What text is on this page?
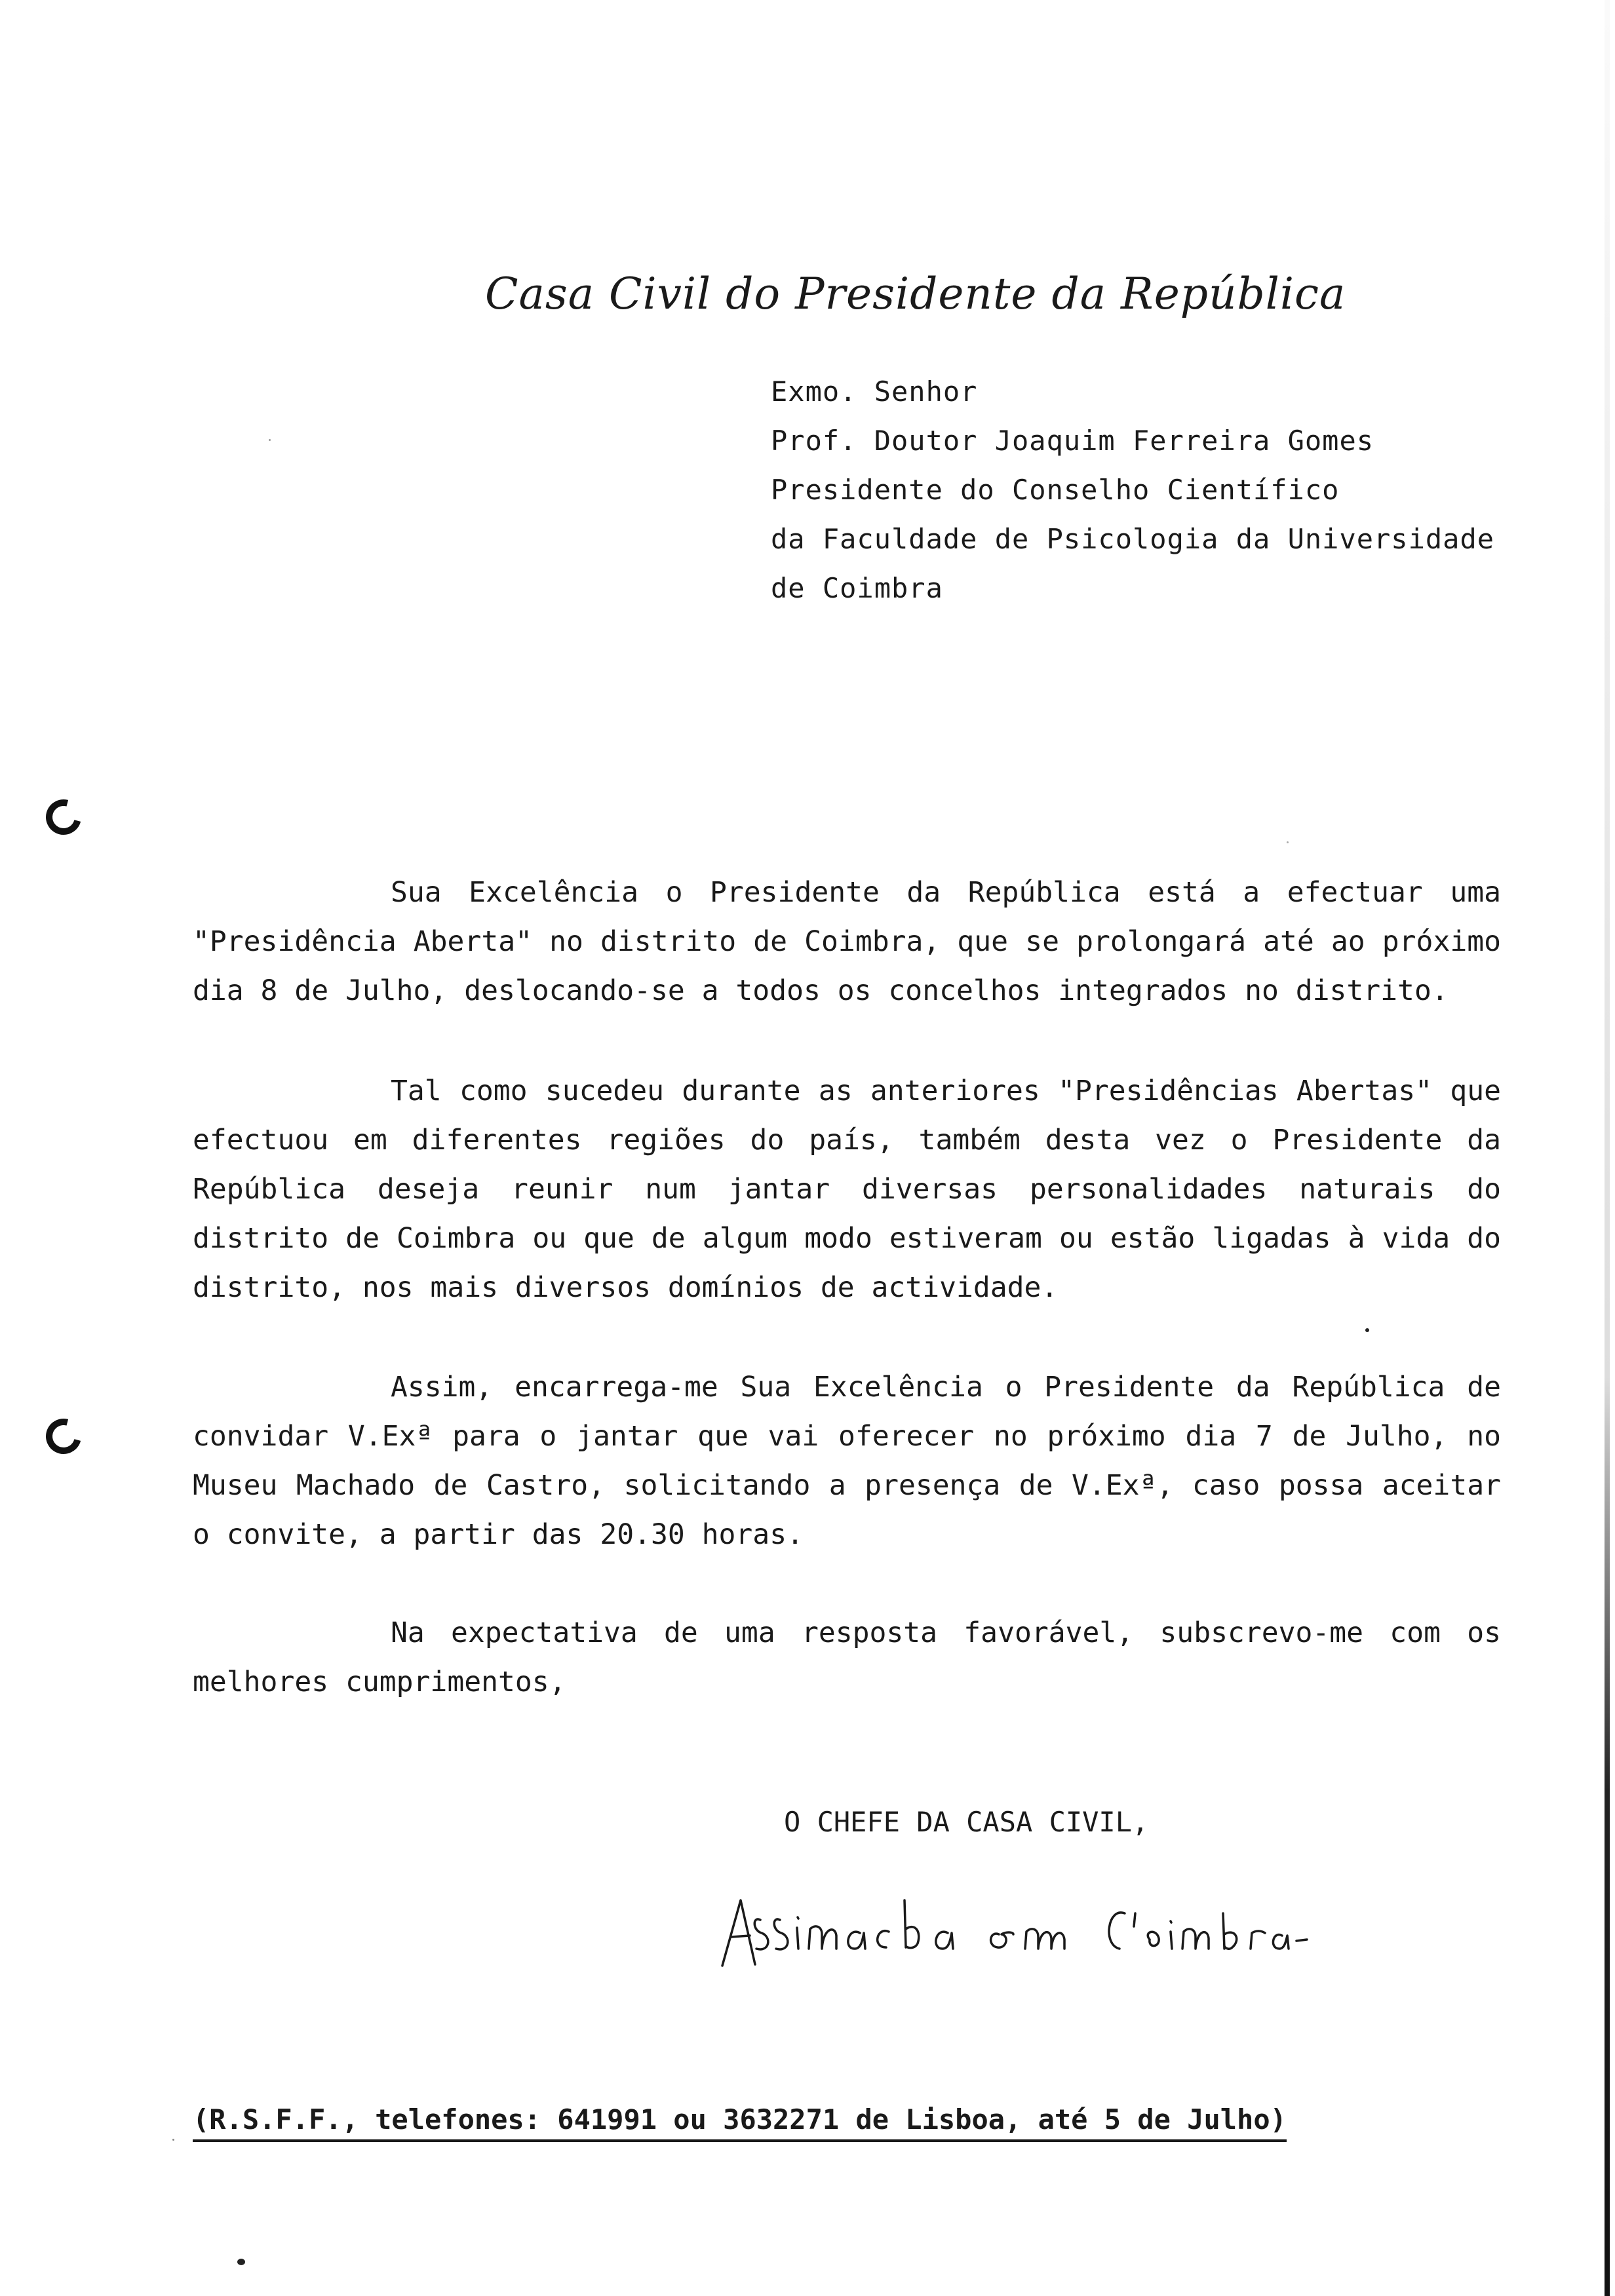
Casa Civil do Presidente da República
Exmo. Senhor
Prof. Doutor Joaquim Ferreira Gomes
Presidente do Conselho Científico
da Faculdade de Psicologia da Universidade
de Coimbra

Sua Excelência o Presidente da República está a efectuar uma "Presidência Aberta" no distrito de Coimbra, que se prolongará até ao próximo dia 8 de Julho, deslocando-se a todos os concelhos integrados no distrito.

Tal como sucedeu durante as anteriores "Presidências Abertas" que efectuou em diferentes regiões do país, também desta vez o Presidente da República deseja reunir num jantar diversas personalidades naturais do distrito de Coimbra ou que de algum modo estiveram ou estão ligadas à vida do distrito, nos mais diversos domínios de actividade.

Assim, encarrega-me Sua Excelência o Presidente da República de convidar V.Exª para o jantar que vai oferecer no próximo dia 7 de Julho, no Museu Machado de Castro, solicitando a presença de V.Exª, caso possa aceitar o convite, a partir das 20.30 horas.

Na expectativa de uma resposta favorável, subscrevo-me com os melhores cumprimentos,

O CHEFE DA CASA CIVIL,
(R.S.F.F., telefones: 641991 ou 3632271 de Lisboa, até 5 de Julho)
